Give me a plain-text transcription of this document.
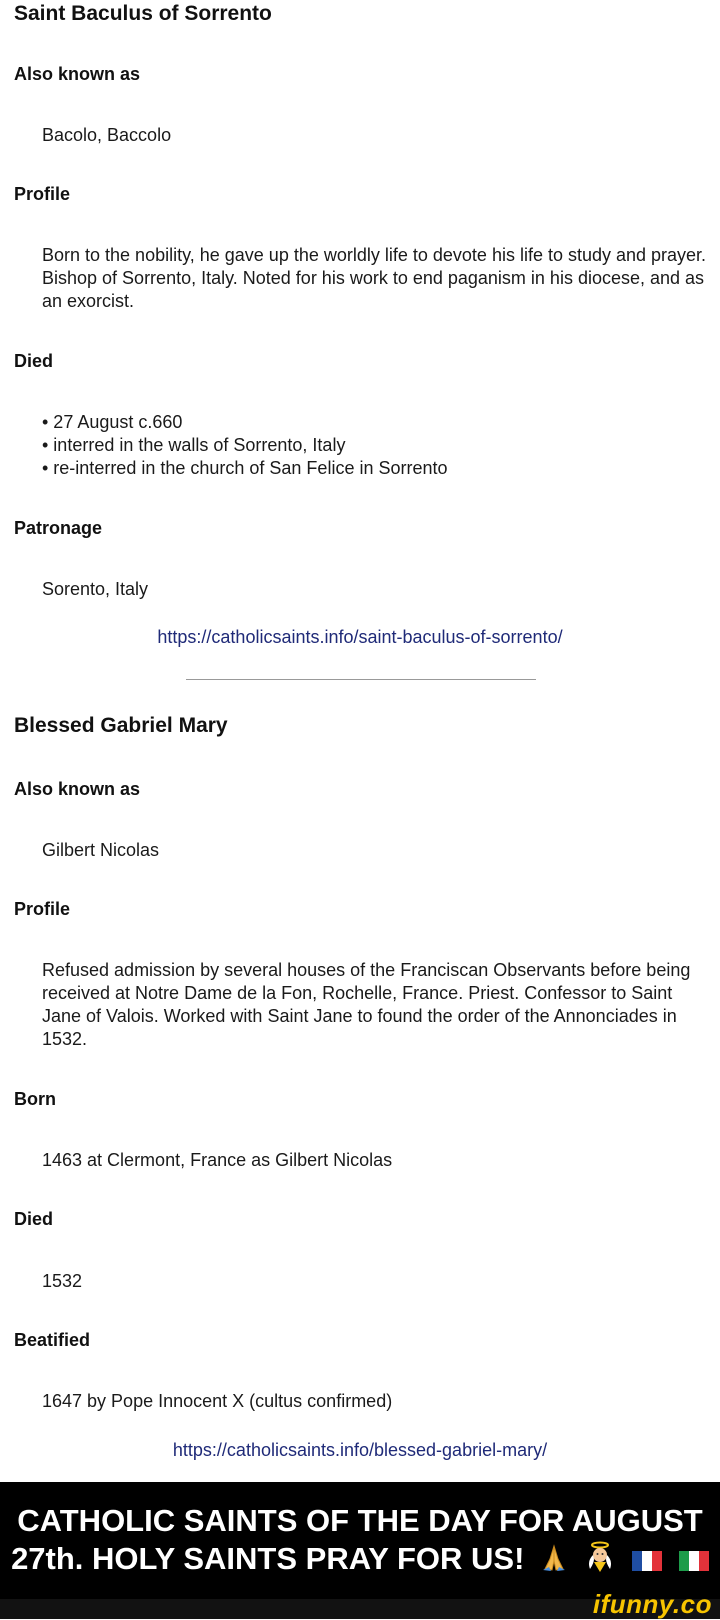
Saint Baculus of Sorrento
Also known as
Bacolo, Baccolo
Profile
Born to the nobility, he gave up the worldly life to devote his life to study and prayer. Bishop of Sorrento, Italy. Noted for his work to end paganism in his diocese, and as an exorcist.
Died
• 27 August c.660
• interred in the walls of Sorrento, Italy
• re-interred in the church of San Felice in Sorrento
Patronage
Sorento, Italy
https://catholicsaints.info/saint-baculus-of-sorrento/
Blessed Gabriel Mary
Also known as
Gilbert Nicolas
Profile
Refused admission by several houses of the Franciscan Observants before being received at Notre Dame de la Fon, Rochelle, France. Priest. Confessor to Saint Jane of Valois. Worked with Saint Jane to found the order of the Annonciades in 1532.
Born
1463 at Clermont, France as Gilbert Nicolas
Died
1532
Beatified
1647 by Pope Innocent X (cultus confirmed)
https://catholicsaints.info/blessed-gabriel-mary/
CATHOLIC SAINTS OF THE DAY FOR AUGUST
27th. HOLY SAINTS PRAY FOR US!
ifunny.co
